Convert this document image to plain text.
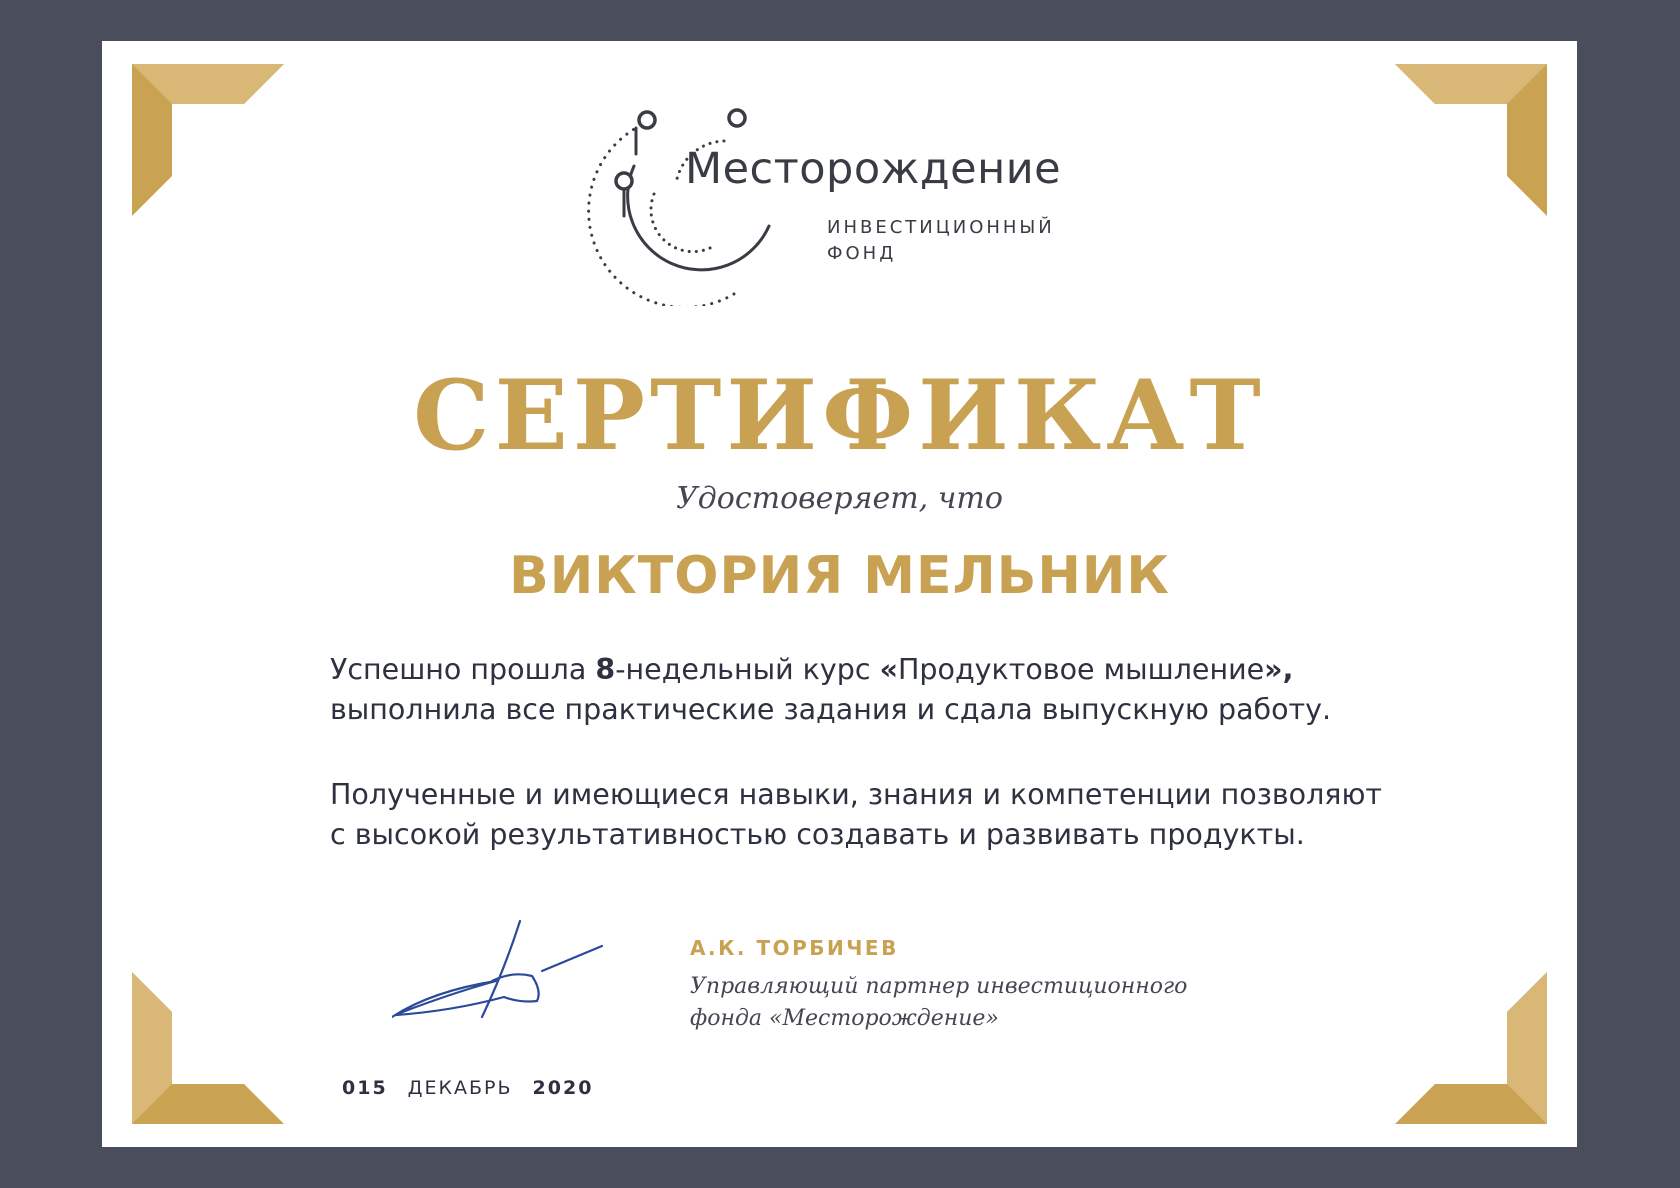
Месторождение
ИНВЕСТИЦИОННЫЙ
ФОНД
СЕРТИФИКАТ
Удостоверяет, что
ВИКТОРИЯ МЕЛЬНИК
Успешно прошла 8-недельный курс «Продуктовое мышление»,
выполнила все практические задания и сдала выпускную работу.
Полученные и имеющиеся навыки, знания и компетенции позволяют
с высокой результативностью создавать и развивать продукты.
А.К. ТОРБИЧЕВ
Управляющий партнер инвестиционного
фонда «Месторождение»
015 ДЕКАБРЬ 2020
